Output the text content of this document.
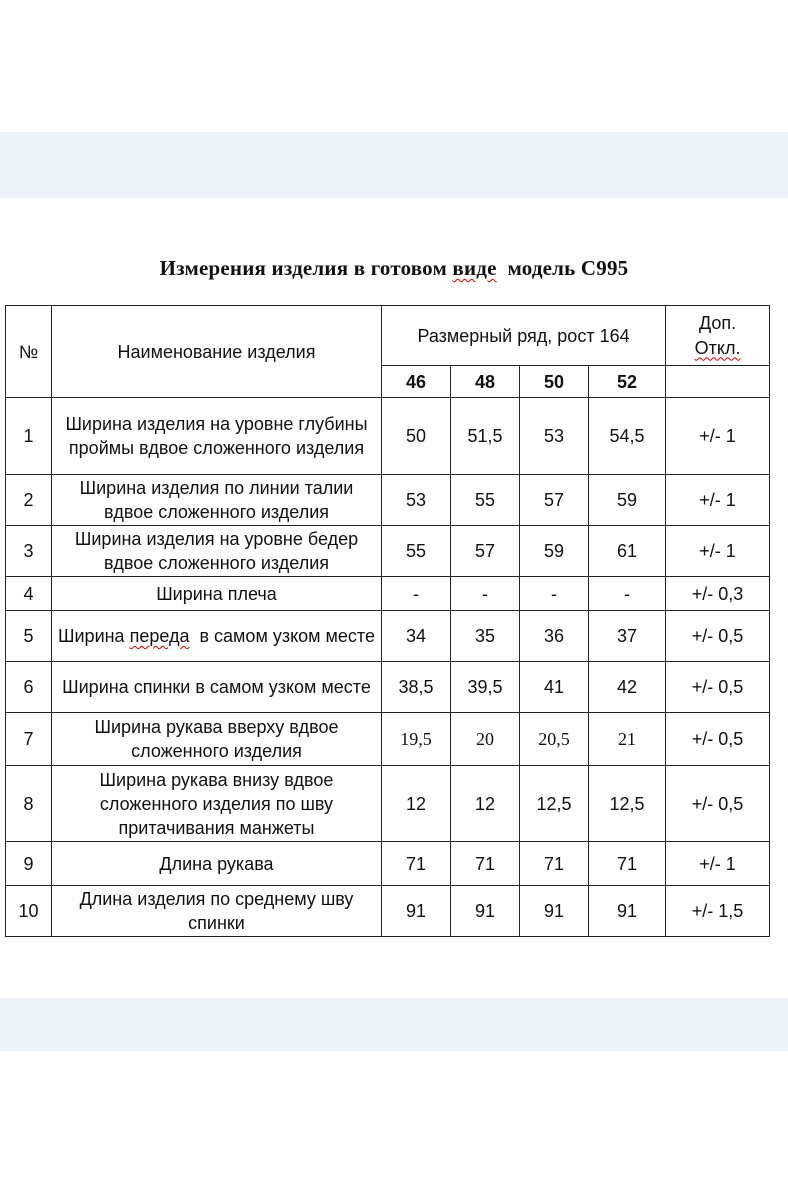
Измерения изделия в готовом виде  модель С995
№	Наименование изделия	Размерный ряд, рост 164				Доп.
Откл.
		46	48	50	52	
1	Ширина изделия на уровне глубины проймы вдвое сложенного изделия	50	51,5	53	54,5	+/- 1
2	Ширина изделия по линии талии вдвое сложенного изделия	53	55	57	59	+/- 1
3	Ширина изделия на уровне бедер вдвое сложенного изделия	55	57	59	61	+/- 1
4	Ширина плеча	-	-	-	-	+/- 0,3
5	Ширина переда  в самом узком месте	34	35	36	37	+/- 0,5
6	Ширина спинки в самом узком месте	38,5	39,5	41	42	+/- 0,5
7	Ширина рукава вверху вдвое сложенного изделия	19,5	20	20,5	21	+/- 0,5
8	Ширина рукава внизу вдвое сложенного изделия по шву притачивания манжеты	12	12	12,5	12,5	+/- 0,5
9	Длина рукава	71	71	71	71	+/- 1
10	Длина изделия по среднему шву спинки	91	91	91	91	+/- 1,5
